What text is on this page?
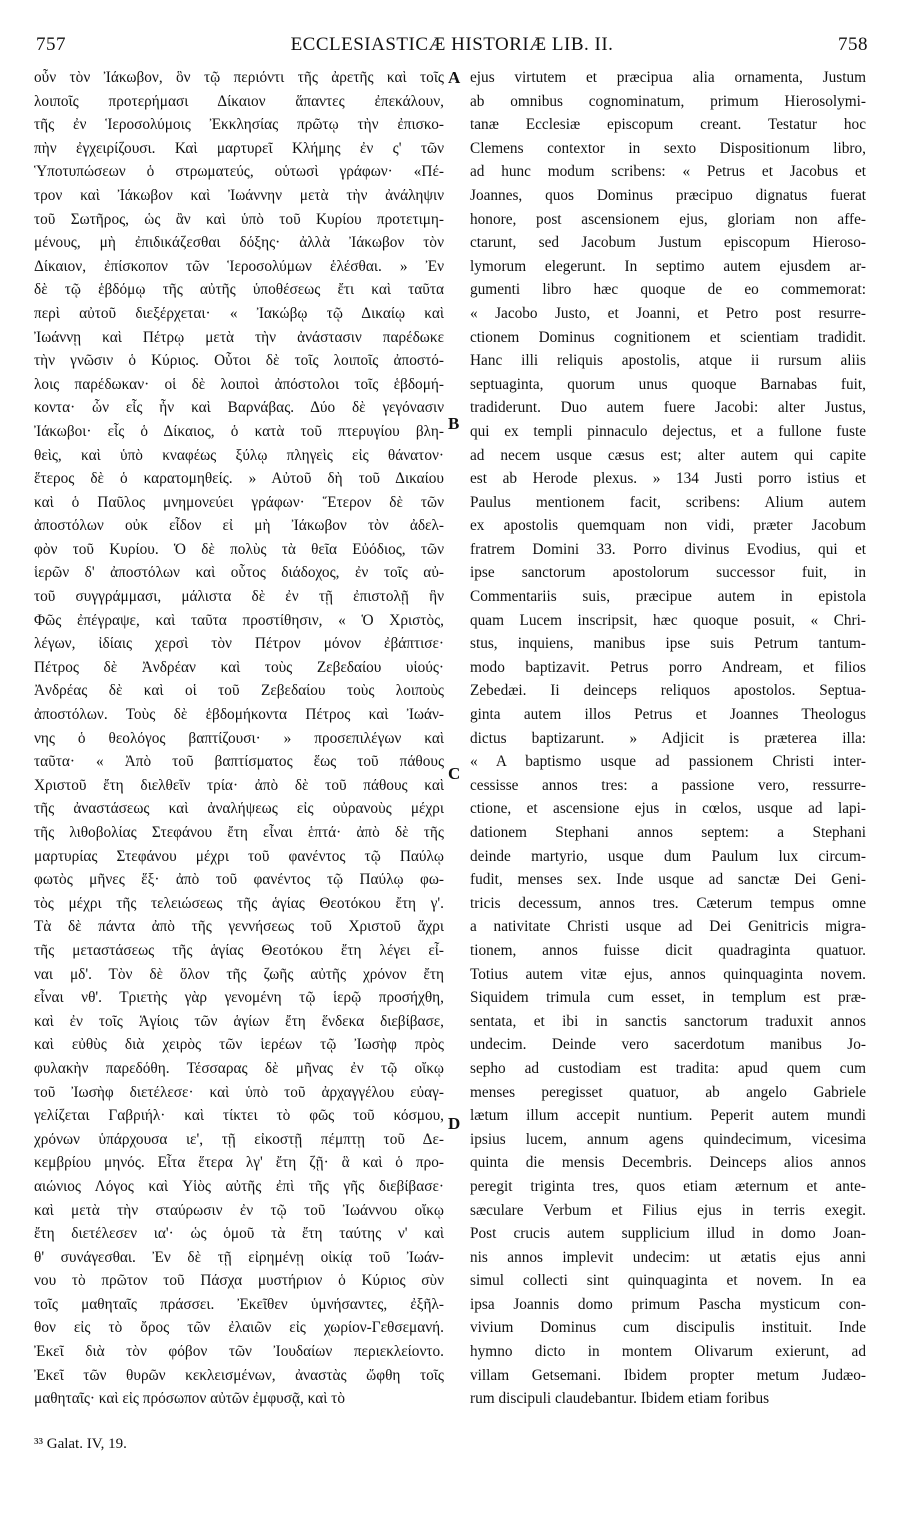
757	ECCLESIASTICÆ HISTORIÆ LIB. II.	758
οὖν τὸν Ἰάκωβον, ὃν τῷ περιόντι τῆς ἀρετῆς καὶ τοῖς
λοιποῖς προτερήμασι Δίκαιον ἅπαντες ἐπεκάλουν,
τῆς ἐν Ἱεροσολύμοις Ἐκκλησίας πρῶτῳ τὴν ἐπισκο-
πὴν ἐγχειρίζουσι. Καὶ μαρτυρεῖ Κλήμης ἐν ς' τῶν
Ὑποτυπώσεων ὁ στρωματεύς, οὑτωσὶ γράφων· «Πέ-
τρον καὶ Ἰάκωβον καὶ Ἰωάννην μετὰ τὴν ἀνάληψιν
τοῦ Σωτῆρος, ὡς ἂν καὶ ὑπὸ τοῦ Κυρίου προτετιμη-
μένους, μὴ ἐπιδικάζεσθαι δόξης· ἀλλὰ Ἰάκωβον τὸν
Δίκαιον, ἐπίσκοπον τῶν Ἱεροσολύμων ἑλέσθαι. » Ἐν
δὲ τῷ ἑβδόμῳ τῆς αὐτῆς ὑποθέσεως ἔτι καὶ ταῦτα
περὶ αὐτοῦ διεξέρχεται· « Ἰακώβῳ τῷ Δικαίῳ καὶ
Ἰωάννῃ καὶ Πέτρῳ μετὰ τὴν ἀνάστασιν παρέδωκε
τὴν γνῶσιν ὁ Κύριος. Οὗτοι δὲ τοῖς λοιποῖς ἀποστό-
λοις παρέδωκαν· οἱ δὲ λοιποὶ ἀπόστολοι τοῖς ἑβδομή-
κοντα· ὧν εἷς ἦν καὶ Βαρνάβας. Δύο δὲ γεγόνασιν
Ἰάκωβοι· εἷς ὁ Δίκαιος, ὁ κατὰ τοῦ πτερυγίου βλη-
θεὶς, καὶ ὑπὸ κναφέως ξύλῳ πληγεὶς εἰς θάνατον·
ἕτερος δὲ ὁ καρατομηθείς. » Αὐτοῦ δὴ τοῦ Δικαίου
καὶ ὁ Παῦλος μνημονεύει γράφων· Ἕτερον δὲ τῶν
ἀποστόλων οὐκ εἶδον εἰ μὴ Ἰάκωβον τὸν ἀδελ-
φὸν τοῦ Κυρίου. Ὁ δὲ πολὺς τὰ θεῖα Εὐόδιος, τῶν
ἱερῶν δ' ἀποστόλων καὶ οὗτος διάδοχος, ἐν τοῖς αὐ-
τοῦ συγγράμμασι, μάλιστα δὲ ἐν τῇ ἐπιστολῇ ἣν
Φῶς ἐπέγραψε, καὶ ταῦτα προστίθησιν, « Ὁ Χριστὸς,
λέγων, ἰδίαις χερσὶ τὸν Πέτρον μόνον ἐβάπτισε·
Πέτρος δὲ Ἀνδρέαν καὶ τοὺς Ζεβεδαίου υἱούς·
Ἀνδρέας δὲ καὶ οἱ τοῦ Ζεβεδαίου τοὺς λοιποὺς
ἀποστόλων. Τοὺς δὲ ἑβδομήκοντα Πέτρος καὶ Ἰωάν-
νης ὁ θεολόγος βαπτίζουσι· » προσεπιλέγων καὶ
ταῦτα· « Ἀπὸ τοῦ βαπτίσματος ἕως τοῦ πάθους
Χριστοῦ ἔτη διελθεῖν τρία· ἀπὸ δὲ τοῦ πάθους καὶ
τῆς ἀναστάσεως καὶ ἀναλήψεως εἰς οὐρανοὺς μέχρι
τῆς λιθοβολίας Στεφάνου ἔτη εἶναι ἑπτά· ἀπὸ δὲ τῆς
μαρτυρίας Στεφάνου μέχρι τοῦ φανέντος τῷ Παύλῳ
φωτὸς μῆνες ἕξ· ἀπὸ τοῦ φανέντος τῷ Παύλῳ φω-
τὸς μέχρι τῆς τελειώσεως τῆς ἁγίας Θεοτόκου ἔτη γ'.
Τὰ δὲ πάντα ἀπὸ τῆς γεννήσεως τοῦ Χριστοῦ ἄχρι
τῆς μεταστάσεως τῆς ἁγίας Θεοτόκου ἔτη λέγει εἶ-
ναι μδ'. Τὸν δὲ ὅλον τῆς ζωῆς αὐτῆς χρόνον ἔτη
εἶναι νθ'. Τριετὴς γὰρ γενομένη τῷ ἱερῷ προσήχθη,
καὶ ἐν τοῖς Ἁγίοις τῶν ἁγίων ἔτη ἕνδεκα διεβίβασε,
καὶ εὐθὺς διὰ χειρὸς τῶν ἱερέων τῷ Ἰωσὴφ πρὸς
φυλακὴν παρεδόθη. Τέσσαρας δὲ μῆνας ἐν τῷ οἴκῳ
τοῦ Ἰωσὴφ διετέλεσε· καὶ ὑπὸ τοῦ ἀρχαγγέλου εὐαγ-
γελίζεται Γαβριήλ· καὶ τίκτει τὸ φῶς τοῦ κόσμου,
χρόνων ὑπάρχουσα ιε', τῇ εἰκοστῇ πέμπτῃ τοῦ Δε-
κεμβρίου μηνός. Εἶτα ἕτερα λγ' ἔτη ζῇ· ἃ καὶ ὁ προ-
αιώνιος Λόγος καὶ Υἱὸς αὐτῆς ἐπὶ τῆς γῆς διεβίβασε·
καὶ μετὰ τὴν σταύρωσιν ἐν τῷ τοῦ Ἰωάννου οἴκῳ
ἔτη διετέλεσεν ια'· ὡς ὁμοῦ τὰ ἔτη ταύτης ν' καὶ
θ' συνάγεσθαι. Ἐν δὲ τῇ εἰρημένῃ οἰκίᾳ τοῦ Ἰωάν-
νου τὸ πρῶτον τοῦ Πάσχα μυστήριον ὁ Κύριος σὺν
τοῖς μαθηταῖς πράσσει. Ἐκεῖθεν ὑμνήσαντες, ἐξῆλ-
θον εἰς τὸ ὄρος τῶν ἐλαιῶν εἰς χωρίον-Γεθσεμανή.
Ἐκεῖ διὰ τὸν φόβον τῶν Ἰουδαίων περιεκλείοντο.
Ἐκεῖ τῶν θυρῶν κεκλεισμένων, ἀναστὰς ὤφθη τοῖς
μαθηταῖς· καὶ εἰς πρόσωπον αὐτῶν ἐμφυσᾷ, καὶ τὸ
ejus virtutem et præcipua alia ornamenta, Justum
ab omnibus cognominatum, primum Hierosolymi-
tanæ Ecclesiæ episcopum creant. Testatur hoc
Clemens contextor in sexto Dispositionum libro,
ad hunc modum scribens: « Petrus et Jacobus et
Joannes, quos Dominus præcipuo dignatus fuerat
honore, post ascensionem ejus, gloriam non affe-
ctarunt, sed Jacobum Justum episcopum Hieroso-
lymorum elegerunt. In septimo autem ejusdem ar-
gumenti libro hæc quoque de eo commemorat:
« Jacobo Justo, et Joanni, et Petro post resurre-
ctionem Dominus cognitionem et scientiam tradidit.
Hanc illi reliquis apostolis, atque ii rursum aliis
septuaginta, quorum unus quoque Barnabas fuit,
tradiderunt. Duo autem fuere Jacobi: alter Justus,
qui ex templi pinnaculo dejectus, et a fullone fuste
ad necem usque cæsus est; alter autem qui capite
est ab Herode plexus. » 134 Justi porro istius et
Paulus mentionem facit, scribens: Alium autem
ex apostolis quemquam non vidi, præter Jacobum
fratrem Domini 33. Porro divinus Evodius, qui et
ipse sanctorum apostolorum successor fuit, in
Commentariis suis, præcipue autem in epistola
quam Lucem inscripsit, hæc quoque posuit, « Chri-
stus, inquiens, manibus ipse suis Petrum tantum-
modo baptizavit. Petrus porro Andream, et filios
Zebedæi. Ii deinceps reliquos apostolos. Septua-
ginta autem illos Petrus et Joannes Theologus
dictus baptizarunt. » Adjicit is præterea illa:
« A baptismo usque ad passionem Christi inter-
cessisse annos tres: a passione vero, ressurre-
ctione, et ascensione ejus in cœlos, usque ad lapi-
dationem Stephani annos septem: a Stephani
deinde martyrio, usque dum Paulum lux circum-
fudit, menses sex. Inde usque ad sanctæ Dei Geni-
tricis decessum, annos tres. Cæterum tempus omne
a nativitate Christi usque ad Dei Genitricis migra-
tionem, annos fuisse dicit quadraginta quatuor.
Totius autem vitæ ejus, annos quinquaginta novem.
Siquidem trimula cum esset, in templum est præ-
sentata, et ibi in sanctis sanctorum traduxit annos
undecim. Deinde vero sacerdotum manibus Jo-
sepho ad custodiam est tradita: apud quem cum
menses peregisset quatuor, ab angelo Gabriele
lætum illum accepit nuntium. Peperit autem mundi
ipsius lucem, annum agens quindecimum, vicesima
quinta die mensis Decembris. Deinceps alios annos
peregit triginta tres, quos etiam æternum et ante-
sæculare Verbum et Filius ejus in terris exegit.
Post crucis autem supplicium illud in domo Joan-
nis annos implevit undecim: ut ætatis ejus anni
simul collecti sint quinquaginta et novem. In ea
ipsa Joannis domo primum Pascha mysticum con-
vivium Dominus cum discipulis instituit. Inde
hymno dicto in montem Olivarum exierunt, ad
villam Getsemani. Ibidem propter metum Judæo-
rum discipuli claudebantur. Ibidem etiam foribus
A
B
C
D
³³ Galat. IV, 19.
